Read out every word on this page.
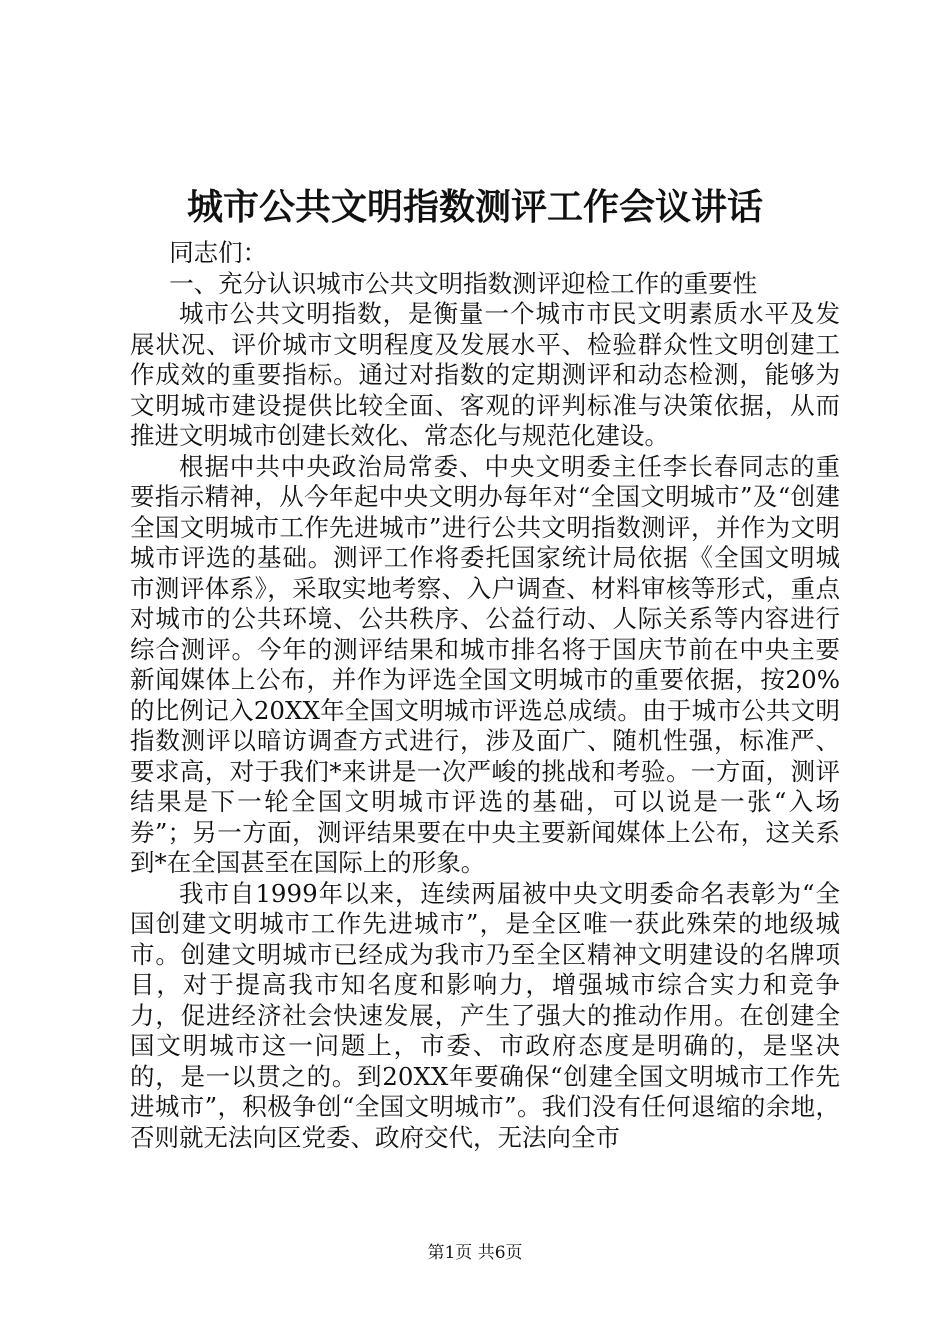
城市公共文明指数测评工作会议讲话

同志们：

一、充分认识城市公共文明指数测评迎检工作的重要性

城市公共文明指数，是衡量一个城市市民文明素质水平及发展状况、评价城市文明程度及发展水平、检验群众性文明创建工作成效的重要指标。通过对指数的定期测评和动态检测，能够为文明城市建设提供比较全面、客观的评判标准与决策依据，从而推进文明城市创建长效化、常态化与规范化建设。

根据中共中央政治局常委、中央文明委主任李长春同志的重要指示精神，从今年起中央文明办每年对“全国文明城市”及“创建全国文明城市工作先进城市”进行公共文明指数测评，并作为文明城市评选的基础。测评工作将委托国家统计局依据《全国文明城市测评体系》，采取实地考察、入户调查、材料审核等形式，重点对城市的公共环境、公共秩序、公益行动、人际关系等内容进行综合测评。今年的测评结果和城市排名将于国庆节前在中央主要新闻媒体上公布，并作为评选全国文明城市的重要依据，按20%的比例记入20XX年全国文明城市评选总成绩。由于城市公共文明指数测评以暗访调查方式进行，涉及面广、随机性强，标准严、要求高，对于我们*来讲是一次严峻的挑战和考验。一方面，测评结果是下一轮全国文明城市评选的基础，可以说是一张“入场券”；另一方面，测评结果要在中央主要新闻媒体上公布，这关系到*在全国甚至在国际上的形象。

我市自1999年以来，连续两届被中央文明委命名表彰为“全国创建文明城市工作先进城市”，是全区唯一获此殊荣的地级城市。创建文明城市已经成为我市乃至全区精神文明建设的名牌项目，对于提高我市知名度和影响力，增强城市综合实力和竞争力，促进经济社会快速发展，产生了强大的推动作用。在创建全国文明城市这一问题上，市委、市政府态度是明确的，是坚决的，是一以贯之的。到20XX年要确保“创建全国文明城市工作先进城市”，积极争创“全国文明城市”。我们没有任何退缩的余地，否则就无法向区党委、政府交代，无法向全市

第1页 共6页
